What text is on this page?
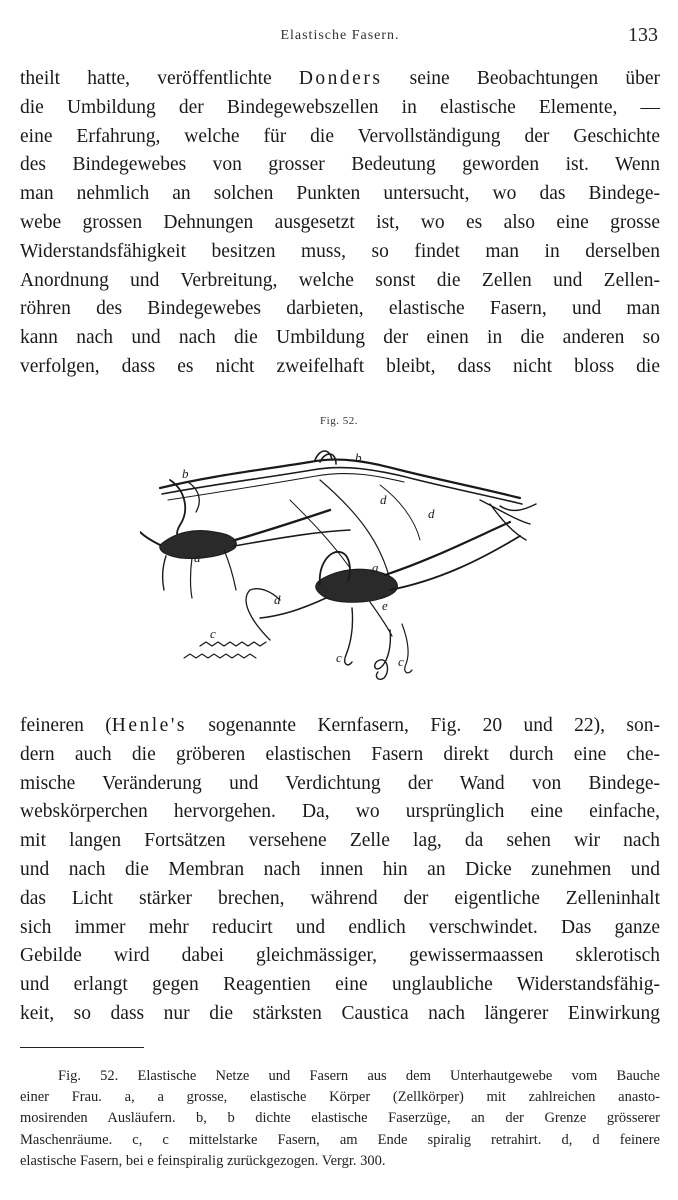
Elastische Fasern.	133
theilt hatte, veröffentlichte Donders seine Beobachtungen über
die Umbildung der Bindegewebszellen in elastische Elemente, —
eine Erfahrung, welche für die Vervollständigung der Geschichte
des Bindegewebes von grosser Bedeutung geworden ist. Wenn
man nehmlich an solchen Punkten untersucht, wo das Bindege-
webe grossen Dehnungen ausgesetzt ist, wo es also eine grosse
Widerstandsfähigkeit besitzen muss, so findet man in derselben
Anordnung und Verbreitung, welche sonst die Zellen und Zellen-
röhren des Bindegewebes darbieten, elastische Fasern, und man
kann nach und nach die Umbildung der einen in die anderen so
verfolgen, dass es nicht zweifelhaft bleibt, dass nicht bloss die
Fig. 52.
b
b
a
a
d
d
d	e
c
c	c
feineren (Henle's sogenannte Kernfasern, Fig. 20 und 22), son-
dern auch die gröberen elastischen Fasern direkt durch eine che-
mische Veränderung und Verdichtung der Wand von Bindege-
webskörperchen hervorgehen. Da, wo ursprünglich eine einfache,
mit langen Fortsätzen versehene Zelle lag, da sehen wir nach
und nach die Membran nach innen hin an Dicke zunehmen und
das Licht stärker brechen, während der eigentliche Zelleninhalt
sich immer mehr reducirt und endlich verschwindet. Das ganze
Gebilde wird dabei gleichmässiger, gewissermaassen sklerotisch
und erlangt gegen Reagentien eine unglaubliche Widerstandsfähig-
keit, so dass nur die stärksten Caustica nach längerer Einwirkung
Fig. 52. Elastische Netze und Fasern aus dem Unterhautgewebe vom Bauche
einer Frau. a, a grosse, elastische Körper (Zellkörper) mit zahlreichen anasto-
mosirenden Ausläufern. b, b dichte elastische Faserzüge, an der Grenze grösserer
Maschenräume. c, c mittelstarke Fasern, am Ende spiralig retrahirt. d, d feinere
elastische Fasern, bei e feinspiralig zurückgezogen. Vergr. 300.
